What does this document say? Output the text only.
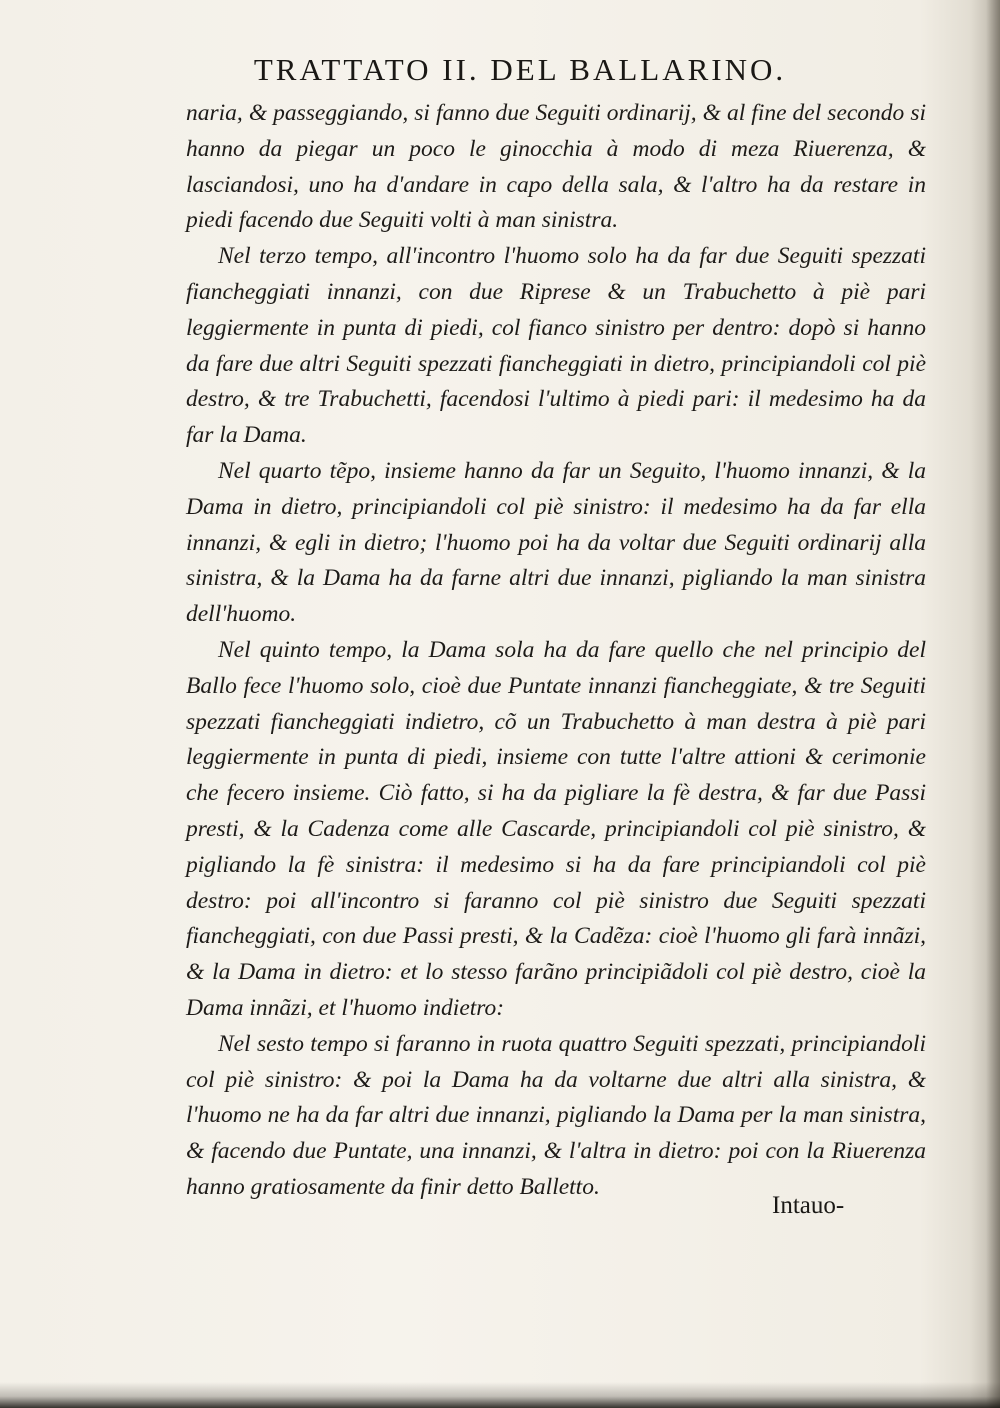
TRATTATO II. DEL BALLARINO.

naria, & passeggiando, si fanno due Seguiti ordinarij, & al fine del secondo si hanno da piegar un poco le ginocchia à modo di meza Riuerenza, & lasciandosi, uno ha d'andare in capo della sala, & l'altro ha da restare in piedi facendo due Seguiti volti à man sinistra.

Nel terzo tempo, all'incontro l'huomo solo ha da far due Seguiti spezzati fiancheggiati innanzi, con due Riprese & un Trabuchetto à piè pari leggiermente in punta di piedi, col fianco sinistro per dentro: dopò si hanno da fare due altri Seguiti spezzati fiancheggiati in dietro, principiandoli col piè destro, & tre Trabuchetti, facendosi l'ultimo à piedi pari: il medesimo ha da far la Dama.

Nel quarto tẽpo, insieme hanno da far un Seguito, l'huomo innanzi, & la Dama in dietro, principiandoli col piè sinistro: il medesimo ha da far ella innanzi, & egli in dietro; l'huomo poi ha da voltar due Seguiti ordinarij alla sinistra, & la Dama ha da farne altri due innanzi, pigliando la man sinistra dell'huomo.

Nel quinto tempo, la Dama sola ha da fare quello che nel principio del Ballo fece l'huomo solo, cioè due Puntate innanzi fiancheggiate, & tre Seguiti spezzati fiancheggiati indietro, cõ un Trabuchetto à man destra à piè pari leggiermente in punta di piedi, insieme con tutte l'altre attioni & cerimonie che fecero insieme. Ciò fatto, si ha da pigliare la fè destra, & far due Passi presti, & la Cadenza come alle Cascarde, principiandoli col piè sinistro, & pigliando la fè sinistra: il medesimo si ha da fare principiandoli col piè destro: poi all'incontro si faranno col piè sinistro due Seguiti spezzati fiancheggiati, con due Passi presti, & la Cadẽza: cioè l'huomo gli farà innãzi, & la Dama in dietro: et lo stesso farãno principiãdoli col piè destro, cioè la Dama innãzi, et l'huomo indietro:

Nel sesto tempo si faranno in ruota quattro Seguiti spezzati, principiandoli col piè sinistro: & poi la Dama ha da voltarne due altri alla sinistra, & l'huomo ne ha da far altri due innanzi, pigliando la Dama per la man sinistra, & facendo due Puntate, una innanzi, & l'altra in dietro: poi con la Riuerenza hanno gratiosamente da finir detto Balletto.

Intauo-
